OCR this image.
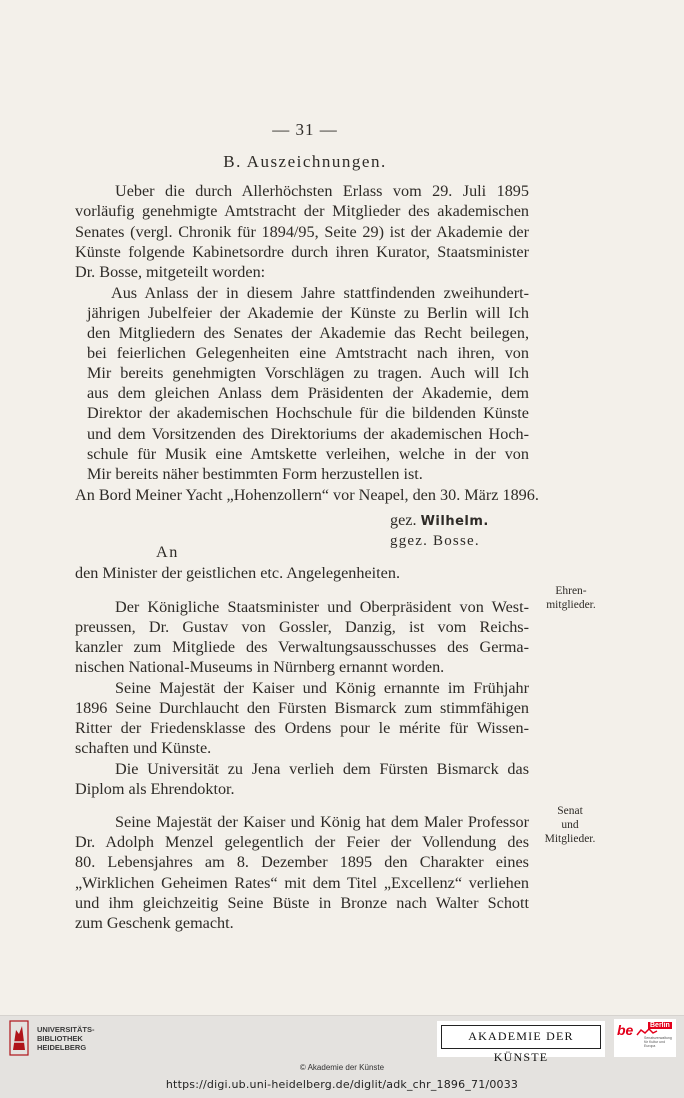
— 31 —
B. Auszeichnungen.
Ueber die durch Allerhöchsten Erlass vom 29. Juli 1895
vorläufig genehmigte Amtstracht der Mitglieder des akademischen
Senates (vergl. Chronik für 1894/95, Seite 29) ist der Akademie der
Künste folgende Kabinetsordre durch ihren Kurator, Staatsminister
Dr. Bosse, mitgeteilt worden:
Aus Anlass der in diesem Jahre stattfindenden zweihundert-
jährigen Jubelfeier der Akademie der Künste zu Berlin will Ich
den Mitgliedern des Senates der Akademie das Recht beilegen,
bei feierlichen Gelegenheiten eine Amtstracht nach ihren, von
Mir bereits genehmigten Vorschlägen zu tragen. Auch will Ich
aus dem gleichen Anlass dem Präsidenten der Akademie, dem
Direktor der akademischen Hochschule für die bildenden Künste
und dem Vorsitzenden des Direktoriums der akademischen Hoch-
schule für Musik eine Amtskette verleihen, welche in der von
Mir bereits näher bestimmten Form herzustellen ist.
An Bord Meiner Yacht „Hohenzollern“ vor Neapel, den 30. März 1896.
gez. Wilhelm.
ggez. Bosse.
An
den Minister der geistlichen etc. Angelegenheiten.
Der Königliche Staatsminister und Oberpräsident von West-
preussen, Dr. Gustav von Gossler, Danzig, ist vom Reichs-
kanzler zum Mitgliede des Verwaltungsausschusses des Germa-
nischen National-Museums in Nürnberg ernannt worden.
Seine Majestät der Kaiser und König ernannte im Frühjahr
1896 Seine Durchlaucht den Fürsten Bismarck zum stimmfähigen
Ritter der Friedensklasse des Ordens pour le mérite für Wissen-
schaften und Künste.
Die Universität zu Jena verlieh dem Fürsten Bismarck das
Diplom als Ehrendoktor.
Ehren-
mitglieder.
Seine Majestät der Kaiser und König hat dem Maler Professor
Dr. Adolph Menzel gelegentlich der Feier der Vollendung des
80. Lebensjahres am 8. Dezember 1895 den Charakter eines
„Wirklichen Geheimen Rates“ mit dem Titel „Excellenz“ verliehen
und ihm gleichzeitig Seine Büste in Bronze nach Walter Schott
zum Geschenk gemacht.
Senat
und
Mitglieder.
UNIVERSITÄTS-
BIBLIOTHEK
HEIDELBERG
AKADEMIE DER KÜNSTE
be Berlin
Senatsverwaltung für Kultur und Europa
© Akademie der Künste
https://digi.ub.uni-heidelberg.de/diglit/adk_chr_1896_71/0033
